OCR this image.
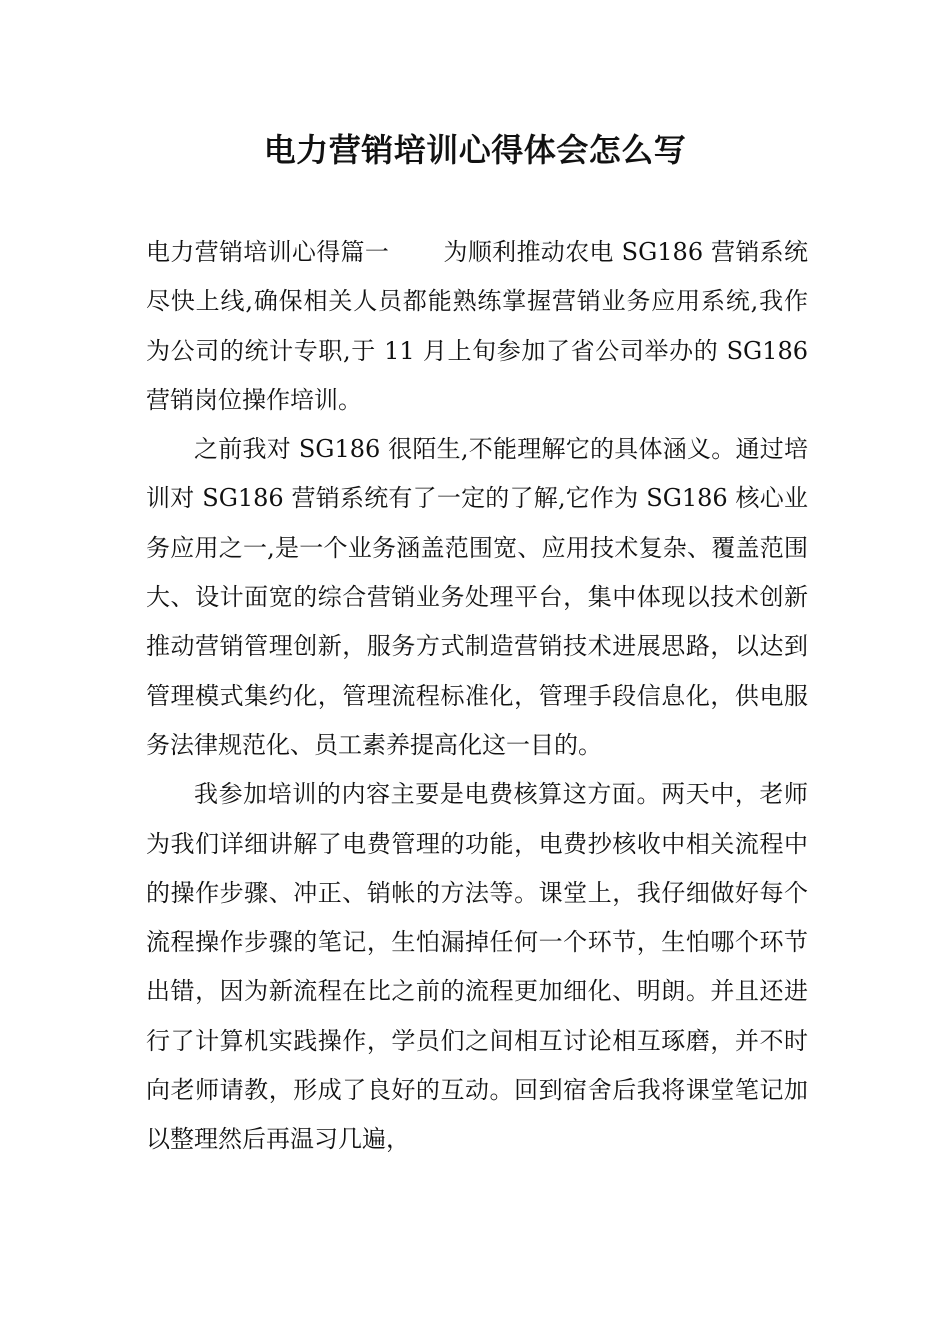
电力营销培训心得体会怎么写

电力营销培训心得篇一 为顺利推动农电 SG186 营销系统尽快上线,确保相关人员都能熟练掌握营销业务应用系统,我作为公司的统计专职,于 11 月上旬参加了省公司举办的 SG186 营销岗位操作培训。

之前我对 SG186 很陌生,不能理解它的具体涵义。通过培训对 SG186 营销系统有了一定的了解,它作为 SG186 核心业务应用之一,是一个业务涵盖范围宽、应用技术复杂、覆盖范围大、设计面宽的综合营销业务处理平台，集中体现以技术创新推动营销管理创新，服务方式制造营销技术进展思路，以达到管理模式集约化，管理流程标准化，管理手段信息化，供电服务法律规范化、员工素养提高化这一目的。

我参加培训的内容主要是电费核算这方面。两天中，老师为我们详细讲解了电费管理的功能，电费抄核收中相关流程中的操作步骤、冲正、销帐的方法等。课堂上，我仔细做好每个流程操作步骤的笔记，生怕漏掉任何一个环节，生怕哪个环节出错，因为新流程在比之前的流程更加细化、明朗。并且还进行了计算机实践操作，学员们之间相互讨论相互琢磨，并不时向老师请教，形成了良好的互动。回到宿舍后我将课堂笔记加以整理然后再温习几遍，
